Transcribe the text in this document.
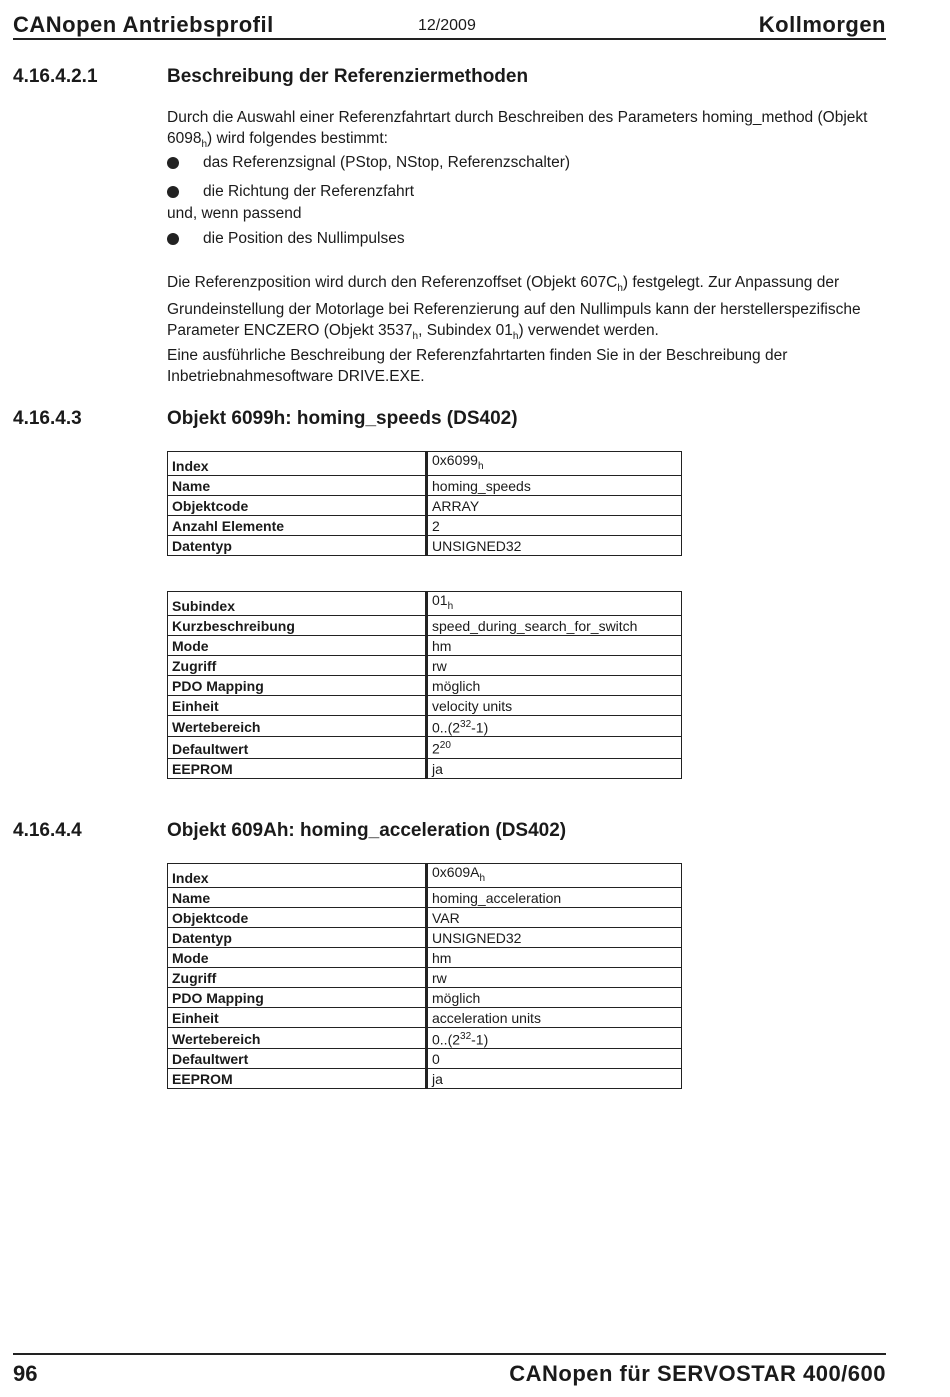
CANopen Antriebsprofil	12/2009	Kollmorgen
4.16.4.2.1	Beschreibung der Referenziermethoden
Durch die Auswahl einer Referenzfahrtart durch Beschreiben des Parameters homing_method (Objekt $6098_h$) wird folgendes bestimmt:
das Referenzsignal (PStop, NStop, Referenzschalter)
die Richtung der Referenzfahrt
und, wenn passend
die Position des Nullimpulses
Die Referenzposition wird durch den Referenzoffset (Objekt $607C_h$) festgelegt. Zur Anpassung der Grundeinstellung der Motorlage bei Referenzierung auf den Nullimpuls kann der herstellerspezifische Parameter ENCZERO (Objekt $3537_h$, Subindex $01_h$) verwendet werden.
Eine ausführliche Beschreibung der Referenzfahrtarten finden Sie in der Beschreibung der Inbetriebnahmesoftware DRIVE.EXE.
4.16.4.3	Objekt 6099h: homing_speeds (DS402)
Index	$0x6099_h$
Name	homing_speeds
Objektcode	ARRAY
Anzahl Elemente	2
Datentyp	UNSIGNED32
Subindex	$01_h$
Kurzbeschreibung	speed_during_search_for_switch
Mode	hm
Zugriff	rw
PDO Mapping	möglich
Einheit	velocity units
Wertebereich	$0..(2^{32}-1)$
Defaultwert	$2^{20}$
EEPROM	ja
4.16.4.4	Objekt 609Ah: homing_acceleration (DS402)
Index	$0x609A_h$
Name	homing_acceleration
Objektcode	VAR
Datentyp	UNSIGNED32
Mode	hm
Zugriff	rw
PDO Mapping	möglich
Einheit	acceleration units
Wertebereich	$0..(2^{32}-1)$
Defaultwert	0
EEPROM	ja
96	CANopen für SERVOSTAR 400/600
